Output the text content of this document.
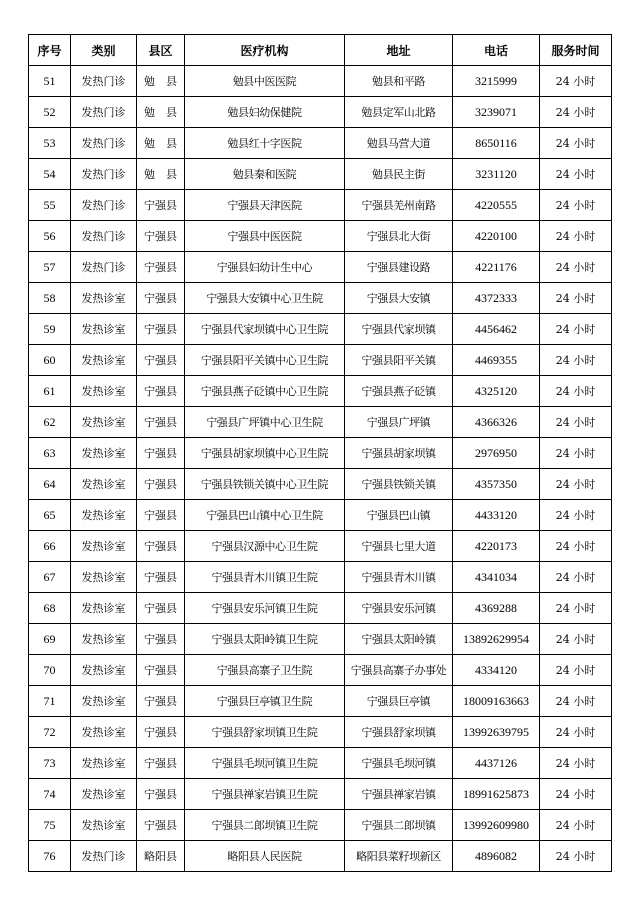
序号	类别	县区	医疗机构	地址	电话	服务时间
51	发热门诊	勉　县	勉县中医医院	勉县和平路	3215999	24 小时
52	发热门诊	勉　县	勉县妇幼保健院	勉县定军山北路	3239071	24 小时
53	发热门诊	勉　县	勉县红十字医院	勉县马营大道	8650116	24 小时
54	发热门诊	勉　县	勉县秦和医院	勉县民主街	3231120	24 小时
55	发热门诊	宁强县	宁强县天津医院	宁强县羌州南路	4220555	24 小时
56	发热门诊	宁强县	宁强县中医医院	宁强县北大街	4220100	24 小时
57	发热门诊	宁强县	宁强县妇幼计生中心	宁强县建设路	4221176	24 小时
58	发热诊室	宁强县	宁强县大安镇中心卫生院	宁强县大安镇	4372333	24 小时
59	发热诊室	宁强县	宁强县代家坝镇中心卫生院	宁强县代家坝镇	4456462	24 小时
60	发热诊室	宁强县	宁强县阳平关镇中心卫生院	宁强县阳平关镇	4469355	24 小时
61	发热诊室	宁强县	宁强县燕子砭镇中心卫生院	宁强县燕子砭镇	4325120	24 小时
62	发热诊室	宁强县	宁强县广坪镇中心卫生院	宁强县广坪镇	4366326	24 小时
63	发热诊室	宁强县	宁强县胡家坝镇中心卫生院	宁强县胡家坝镇	2976950	24 小时
64	发热诊室	宁强县	宁强县铁锁关镇中心卫生院	宁强县铁锁关镇	4357350	24 小时
65	发热诊室	宁强县	宁强县巴山镇中心卫生院	宁强县巴山镇	4433120	24 小时
66	发热诊室	宁强县	宁强县汉源中心卫生院	宁强县七里大道	4220173	24 小时
67	发热诊室	宁强县	宁强县青木川镇卫生院	宁强县青木川镇	4341034	24 小时
68	发热诊室	宁强县	宁强县安乐河镇卫生院	宁强县安乐河镇	4369288	24 小时
69	发热诊室	宁强县	宁强县太阳岭镇卫生院	宁强县太阳岭镇	13892629954	24 小时
70	发热诊室	宁强县	宁强县高寨子卫生院	宁强县高寨子办事处	4334120	24 小时
71	发热诊室	宁强县	宁强县巨亭镇卫生院	宁强县巨亭镇	18009163663	24 小时
72	发热诊室	宁强县	宁强县舒家坝镇卫生院	宁强县舒家坝镇	13992639795	24 小时
73	发热诊室	宁强县	宁强县毛坝河镇卫生院	宁强县毛坝河镇	4437126	24 小时
74	发热诊室	宁强县	宁强县禅家岩镇卫生院	宁强县禅家岩镇	18991625873	24 小时
75	发热诊室	宁强县	宁强县二郎坝镇卫生院	宁强县二郎坝镇	13992609980	24 小时
76	发热门诊	略阳县	略阳县人民医院	略阳县菜籽坝新区	4896082	24 小时
